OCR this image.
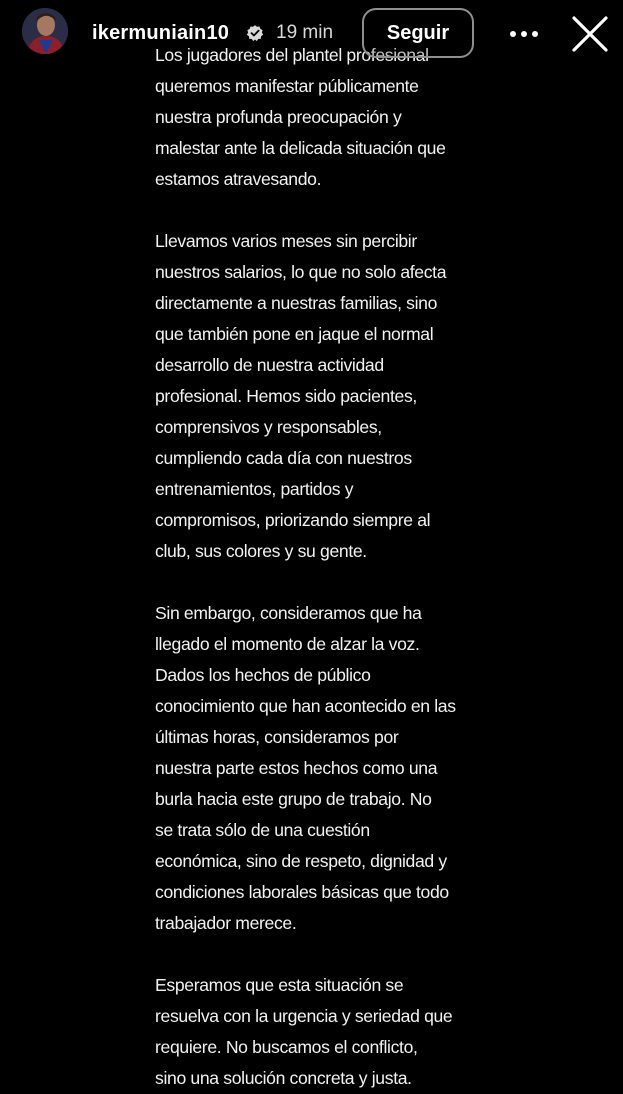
ikermuniain10 19 min	Seguir

Los jugadores del plantel profesional
queremos manifestar públicamente
nuestra profunda preocupación y
malestar ante la delicada situación que
estamos atravesando.

Llevamos varios meses sin percibir
nuestros salarios, lo que no solo afecta
directamente a nuestras familias, sino
que también pone en jaque el normal
desarrollo de nuestra actividad
profesional. Hemos sido pacientes,
comprensivos y responsables,
cumpliendo cada día con nuestros
entrenamientos, partidos y
compromisos, priorizando siempre al
club, sus colores y su gente.

Sin embargo, consideramos que ha
llegado el momento de alzar la voz.
Dados los hechos de público
conocimiento que han acontecido en las
últimas horas, consideramos por
nuestra parte estos hechos como una
burla hacia este grupo de trabajo. No
se trata sólo de una cuestión
económica, sino de respeto, dignidad y
condiciones laborales básicas que todo
trabajador merece.

Esperamos que esta situación se
resuelva con la urgencia y seriedad que
requiere. No buscamos el conflicto,
sino una solución concreta y justa.
